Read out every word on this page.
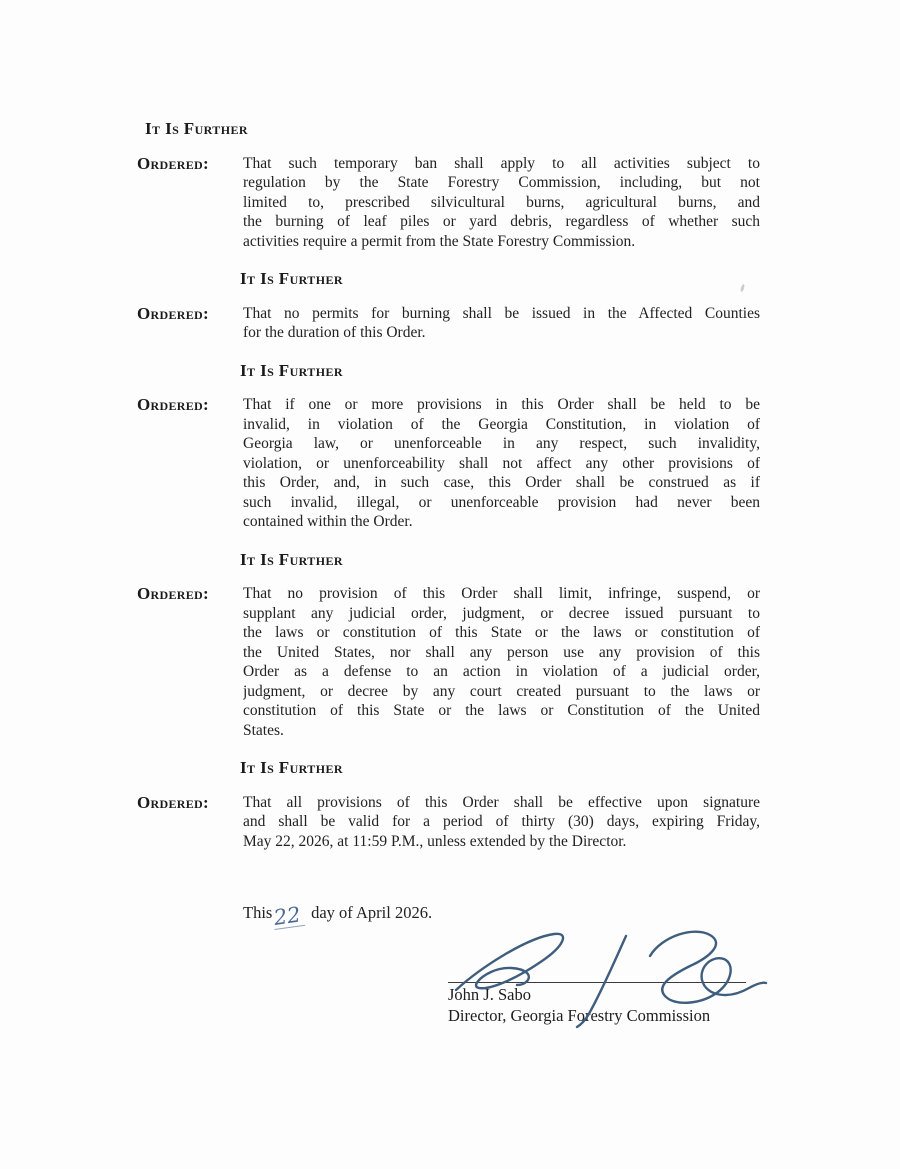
It Is Further
Ordered:	That such temporary ban shall apply to all activities subject to
regulation by the State Forestry Commission, including, but not
limited to, prescribed silvicultural burns, agricultural burns, and
the burning of leaf piles or yard debris, regardless of whether such
activities require a permit from the State Forestry Commission.
It Is Further
Ordered:	That no permits for burning shall be issued in the Affected Counties
for the duration of this Order.
It Is Further
Ordered:	That if one or more provisions in this Order shall be held to be
invalid, in violation of the Georgia Constitution, in violation of
Georgia law, or unenforceable in any respect, such invalidity,
violation, or unenforceability shall not affect any other provisions of
this Order, and, in such case, this Order shall be construed as if
such invalid, illegal, or unenforceable provision had never been
contained within the Order.
It Is Further
Ordered:	That no provision of this Order shall limit, infringe, suspend, or
supplant any judicial order, judgment, or decree issued pursuant to
the laws or constitution of this State or the laws or constitution of
the United States, nor shall any person use any provision of this
Order as a defense to an action in violation of a judicial order,
judgment, or decree by any court created pursuant to the laws or
constitution of this State or the laws or Constitution of the United
States.
It Is Further
Ordered:	That all provisions of this Order shall be effective upon signature
and shall be valid for a period of thirty (30) days, expiring Friday,
May 22, 2026, at 11:59 P.M., unless extended by the Director.
This22 day of April 2026.
John J. Sabo
Director, Georgia Forestry Commission
